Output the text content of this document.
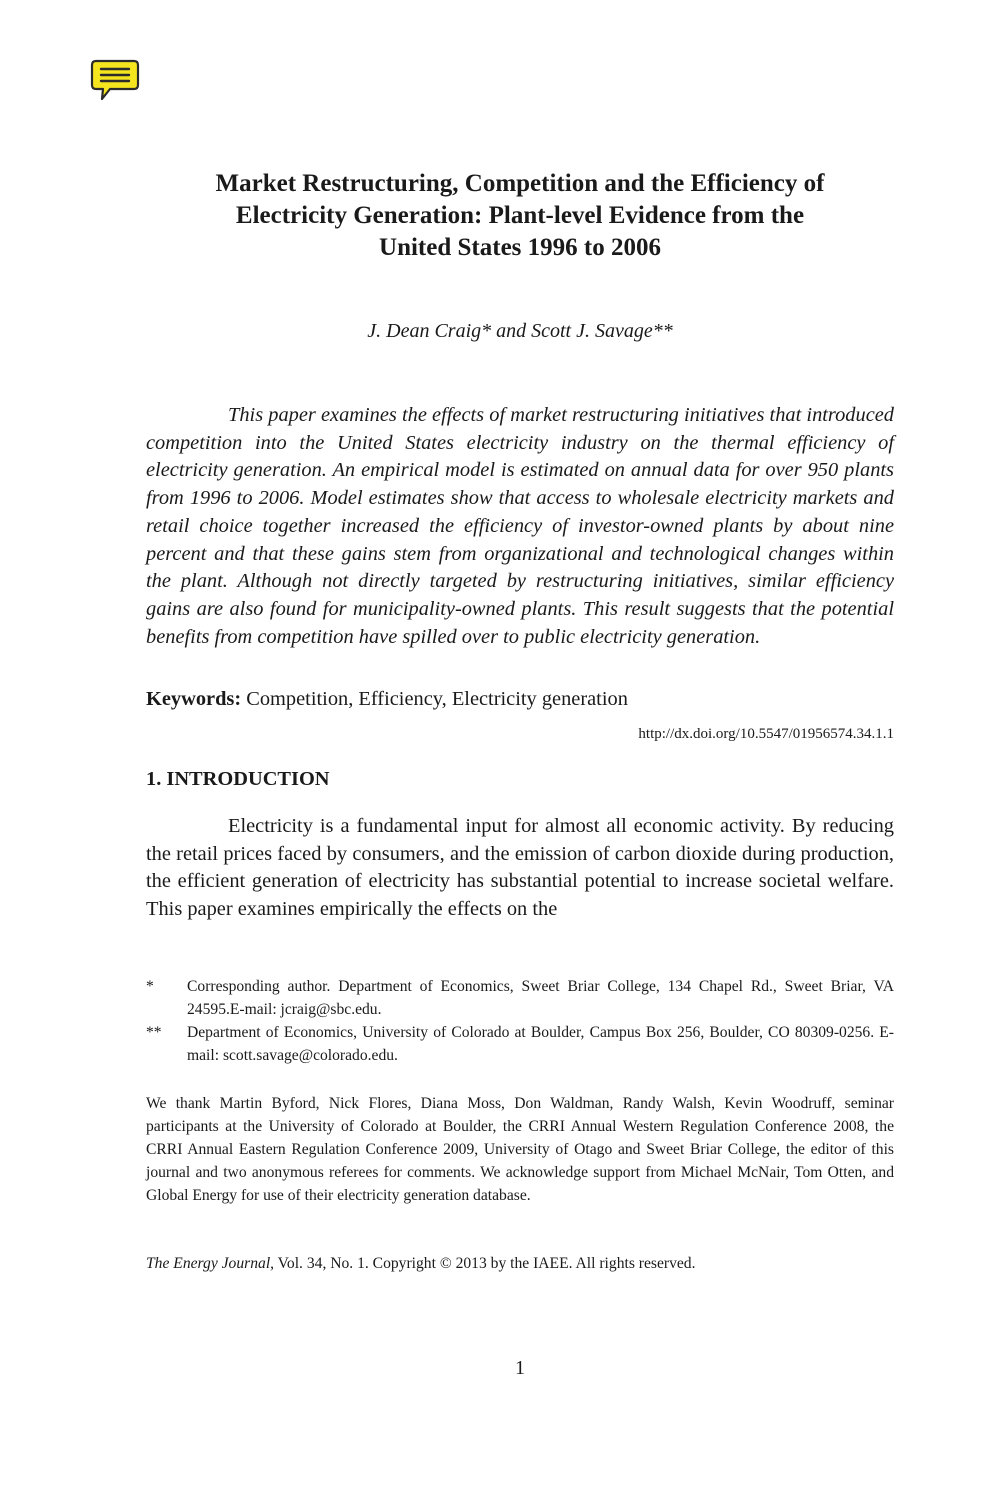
Market Restructuring, Competition and the Efficiency of
Electricity Generation: Plant-level Evidence from the
United States 1996 to 2006
J. Dean Craig* and Scott J. Savage**

This paper examines the effects of market restructuring initiatives that introduced competition into the United States electricity industry on the thermal efficiency of electricity generation. An empirical model is estimated on annual data for over 950 plants from 1996 to 2006. Model estimates show that access to wholesale electricity markets and retail choice together increased the efficiency of investor-owned plants by about nine percent and that these gains stem from organizational and technological changes within the plant. Although not directly targeted by restructuring initiatives, similar efficiency gains are also found for municipality-owned plants. This result suggests that the potential benefits from competition have spilled over to public electricity generation.

Keywords: Competition, Efficiency, Electricity generation
http://dx.doi.org/10.5547/01956574.34.1.1
1. INTRODUCTION

Electricity is a fundamental input for almost all economic activity. By reducing the retail prices faced by consumers, and the emission of carbon dioxide during production, the efficient generation of electricity has substantial potential to increase societal welfare. This paper examines empirically the effects on the

* Corresponding author. Department of Economics, Sweet Briar College, 134 Chapel Rd., Sweet Briar, VA 24595.E-mail: jcraig@sbc.edu.
** Department of Economics, University of Colorado at Boulder, Campus Box 256, Boulder, CO 80309-0256. E-mail: scott.savage@colorado.edu.

We thank Martin Byford, Nick Flores, Diana Moss, Don Waldman, Randy Walsh, Kevin Woodruff, seminar participants at the University of Colorado at Boulder, the CRRI Annual Western Regulation Conference 2008, the CRRI Annual Eastern Regulation Conference 2009, University of Otago and Sweet Briar College, the editor of this journal and two anonymous referees for comments. We acknowledge support from Michael McNair, Tom Otten, and Global Energy for use of their electricity generation database.

The Energy Journal, Vol. 34, No. 1. Copyright © 2013 by the IAEE. All rights reserved.
1
